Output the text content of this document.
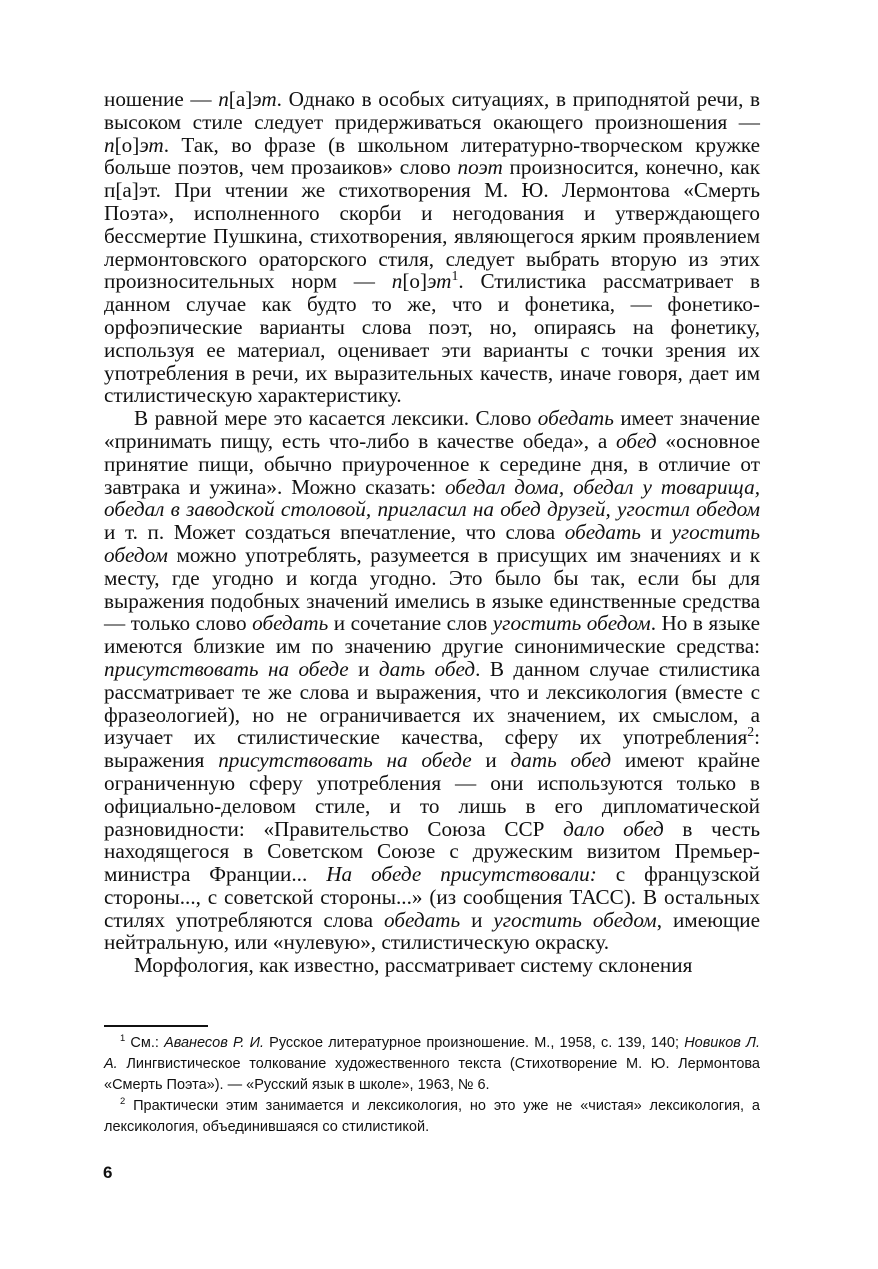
ношение — п[а]эт. Однако в особых ситуациях, в приподнятой речи, в высоком стиле следует придерживаться окающего произношения — п[о]эт. Так, во фразе (в школьном литературно-творческом кружке больше поэтов, чем прозаиков» слово поэт произносится, конечно, как п[а]эт. При чтении же стихотворения М. Ю. Лермонтова «Смерть Поэта», исполненного скорби и негодования и утверждающего бессмертие Пушкина, стихотворения, являющегося ярким проявлением лермонтовского ораторского стиля, следует выбрать вторую из этих произносительных норм — $п[о]эт^1$. Стилистика рассматривает в данном случае как будто то же, что и фонетика, — фонетико-орфоэпические варианты слова поэт, но, опираясь на фонетику, используя ее материал, оценивает эти варианты с точки зрения их употребления в речи, их выразительных качеств, иначе говоря, дает им стилистическую характеристику.

В равной мере это касается лексики. Слово обедать имеет значение «принимать пищу, есть что-либо в качестве обеда», а обед «основное принятие пищи, обычно приуроченное к середине дня, в отличие от завтрака и ужина». Можно сказать: обедал дома, обедал у товарища, обедал в заводской столовой, пригласил на обед друзей, угостил обедом и т. п. Может создаться впечатление, что слова обедать и угостить обедом можно употреблять, разумеется в присущих им значениях и к месту, где угодно и когда угодно. Это было бы так, если бы для выражения подобных значений имелись в языке единственные средства — только слово обедать и сочетание слов угостить обедом. Но в языке имеются близкие им по значению другие синонимические средства: присутствовать на обеде и дать обед. В данном случае стилистика рассматривает те же слова и выражения, что и лексикология (вместе с фразеологией), но не ограничивается их значением, их смыслом, а изучает их стилистические качества, сферу их употребления$^2$: выражения присутствовать на обеде и дать обед имеют крайне ограниченную сферу употребления — они используются только в официально-деловом стиле, и то лишь в его дипломатической разновидности: «Правительство Союза ССР дало обед в честь находящегося в Советском Союзе с дружеским визитом Премьер-министра Франции... На обеде присутствовали: с французской стороны..., с советской стороны...» (из сообщения ТАСС). В остальных стилях употребляются слова обедать и угостить обедом, имеющие нейтральную, или «нулевую», стилистическую окраску.

Морфология, как известно, рассматривает систему склонения

$^1$ См.: Аванесов Р. И. Русское литературное произношение. М., 1958, с. 139, 140; Новиков Л. А. Лингвистическое толкование художественного текста (Стихотворение М. Ю. Лермонтова «Смерть Поэта»). — «Русский язык в школе», 1963, № 6.

$^2$ Практически этим занимается и лексикология, но это уже не «чистая» лексикология, а лексикология, объединившаяся со стилистикой.

6
